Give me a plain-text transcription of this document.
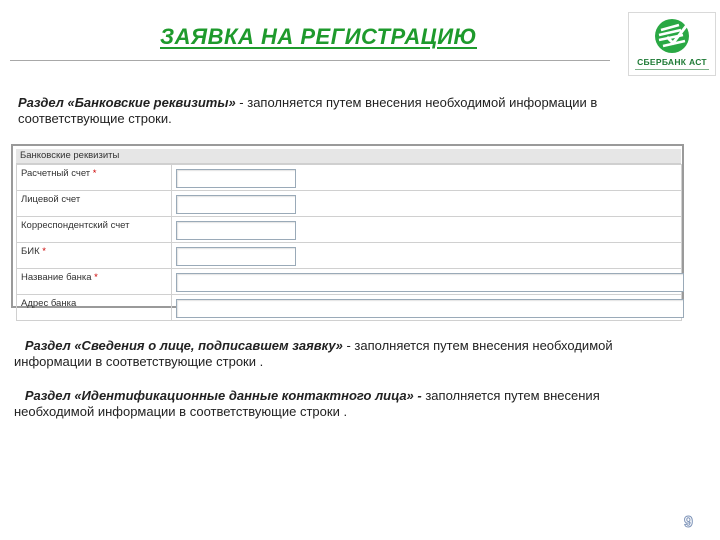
ЗАЯВКА НА РЕГИСТРАЦИЮ
СБЕРБАНК АСТ
Раздел «Банковские реквизиты» - заполняется путем внесения необходимой информации в соответствующие строки.
Банковские реквизиты
Расчетный счет *	

Лицевой счет	

Корреспондентский счет	

БИК *	

Название банка *	

Адрес банка	
Раздел «Сведения о лице, подписавшем заявку» - заполняется путем внесения необходимой информации в соответствующие строки .
Раздел «Идентификационные данные контактного лица» - заполняется путем внесения необходимой информации в соответствующие строки .
9
